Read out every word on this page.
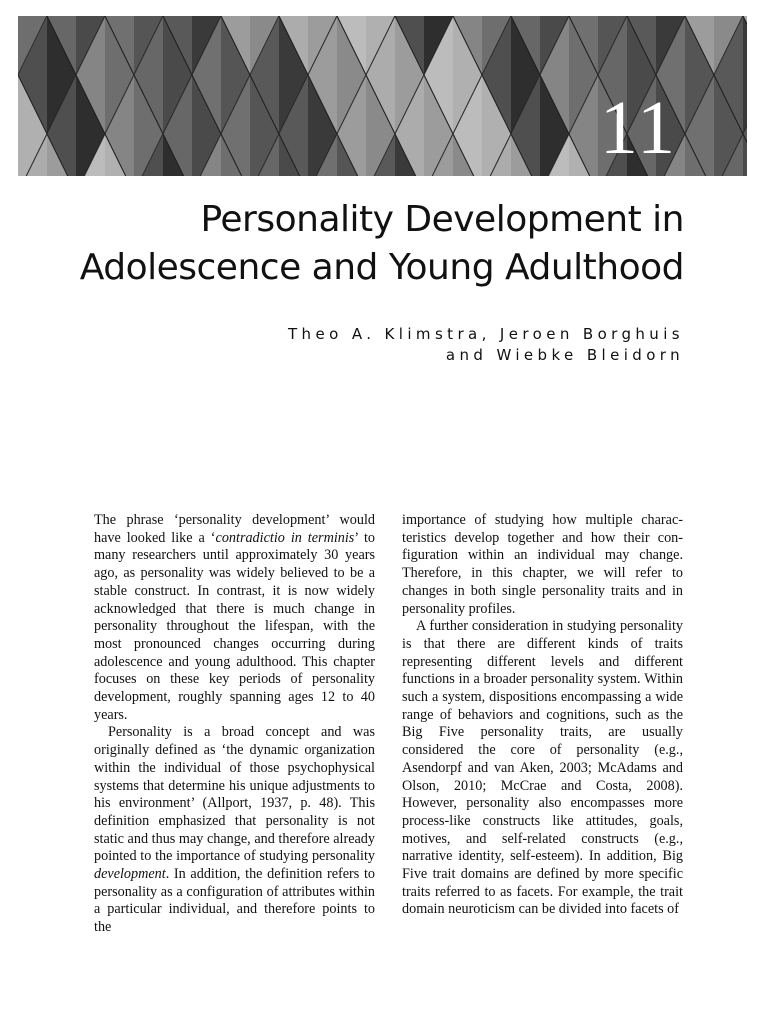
11
Personality Development in
Adolescence and Young Adulthood
Theo A. Klimstra, Jeroen Borghuis
and Wiebke Bleidorn

The phrase ‘personality development’ would have looked like a ‘contradictio in terminis’ to many researchers until approximately 30 years ago, as personality was widely believed to be a stable construct. In contrast, it is now widely acknowledged that there is much change in personality throughout the lifespan, with the most pronounced changes occurring during adolescence and young adulthood. This chapter focuses on these key periods of personality development, roughly spanning ages 12 to 40 years.

Personality is a broad concept and was originally defined as ‘the dynamic organization within the individual of those psychophysical systems that determine his unique adjustments to his environment’ (Allport, 1937, p. 48). This definition emphasized that personality is not static and thus may change, and therefore already pointed to the importance of studying personality development. In addition, the definition refers to personality as a configuration of attributes within a particular individual, and therefore points to the

importance of studying how multiple characteristics develop together and how their configuration within an individual may change. Therefore, in this chapter, we will refer to changes in both single personality traits and in personality profiles.

A further consideration in studying personality is that there are different kinds of traits representing different levels and different functions in a broader personality system. Within such a system, dispositions encompassing a wide range of behaviors and cognitions, such as the Big Five personality traits, are usually considered the core of personality (e.g., Asendorpf and van Aken, 2003; McAdams and Olson, 2010; McCrae and Costa, 2008). However, personality also encompasses more process-like constructs like attitudes, goals, motives, and self-related constructs (e.g., narrative identity, self-esteem). In addition, Big Five trait domains are defined by more specific traits referred to as facets. For example, the trait domain neuroticism can be divided into facets of
